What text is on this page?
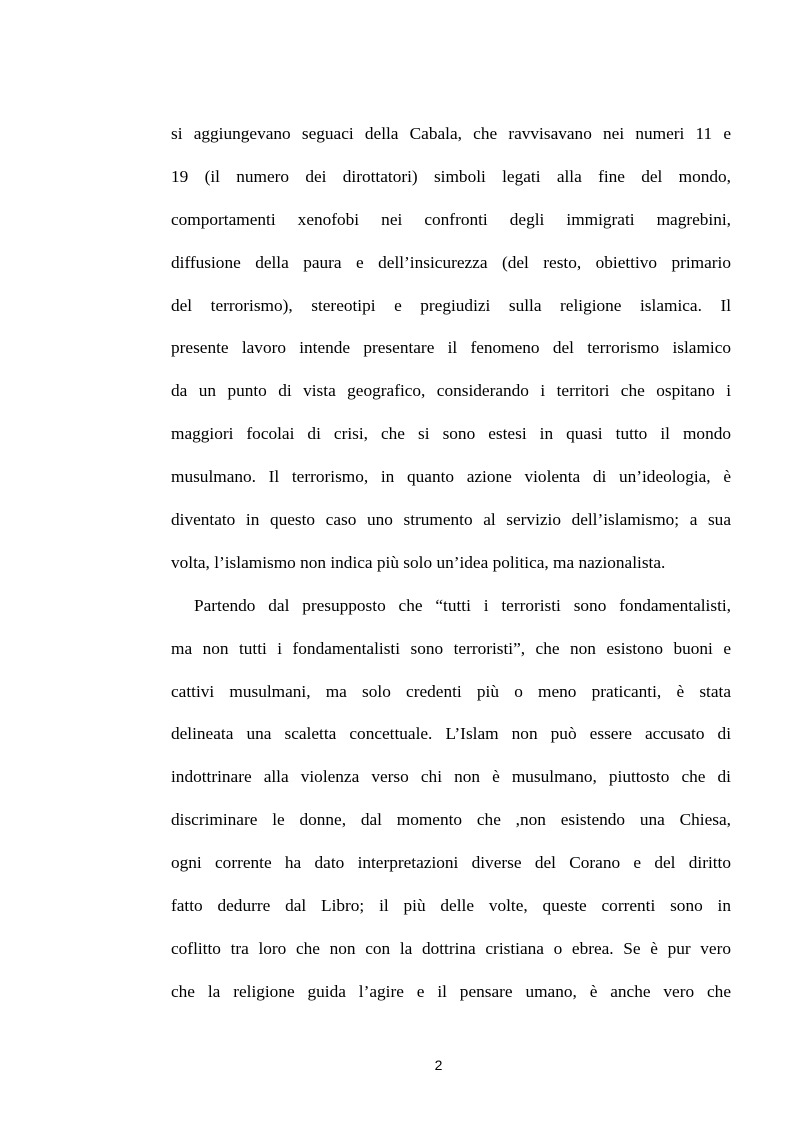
si aggiungevano seguaci della Cabala, che ravvisavano nei numeri 11 e
19 (il numero dei dirottatori) simboli legati alla fine del mondo,
comportamenti xenofobi nei confronti degli immigrati magrebini,
diffusione della paura e dell’insicurezza (del resto, obiettivo primario
del terrorismo), stereotipi e pregiudizi sulla religione islamica. Il
presente lavoro intende presentare il fenomeno del terrorismo islamico
da un punto di vista geografico, considerando i territori che ospitano i
maggiori focolai di crisi, che si sono estesi in quasi tutto il mondo
musulmano. Il terrorismo, in quanto azione violenta di un’ideologia, è
diventato in questo caso uno strumento al servizio dell’islamismo; a sua
volta, l’islamismo non indica più solo un’idea politica, ma nazionalista.
Partendo dal presupposto che “tutti i terroristi sono fondamentalisti,
ma non tutti i fondamentalisti sono terroristi”, che non esistono buoni e
cattivi musulmani, ma solo credenti più o meno praticanti, è stata
delineata una scaletta concettuale. L’Islam non può essere accusato di
indottrinare alla violenza verso chi non è musulmano, piuttosto che di
discriminare le donne, dal momento che ,non esistendo una Chiesa,
ogni corrente ha dato interpretazioni diverse del Corano e del diritto
fatto dedurre dal Libro; il più delle volte, queste correnti sono in
coflitto tra loro che non con la dottrina cristiana o ebrea. Se è pur vero
che la religione guida l’agire e il pensare umano, è anche vero che
2
